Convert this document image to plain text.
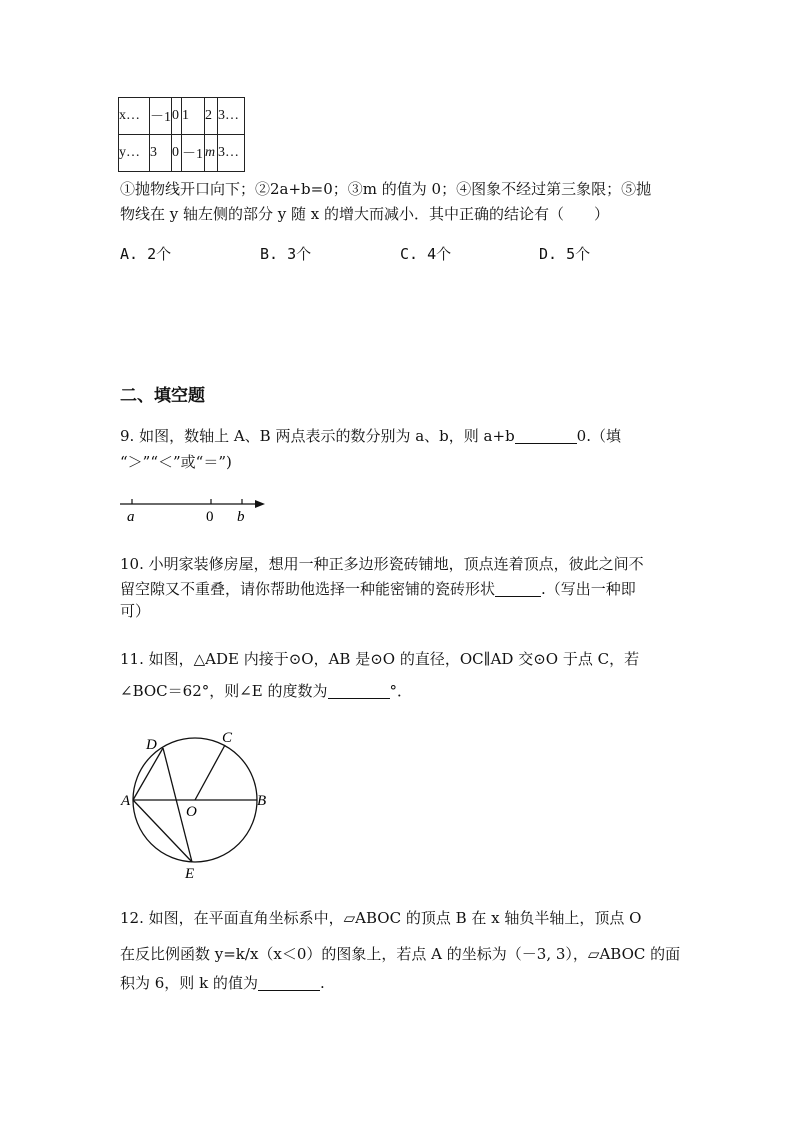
x…	－1	0	1	2	3…
y…	3	0	－1	m	3…
①抛物线开口向下；②2a+b=0；③m 的值为 0；④图象不经过第三象限；⑤抛
物线在 y 轴左侧的部分 y 随 x 的增大而减小．其中正确的结论有（　　）
A. 2个	B. 3个	C. 4个	D. 5个
二、填空题
9. 如图，数轴上 A、B 两点表示的数分别为 a、b，则 a+b	0.（填
“＞”“＜”或“＝”)
a	0 b
10. 小明家装修房屋，想用一种正多边形瓷砖铺地，顶点连着顶点，彼此之间不
留空隙又不重叠，请你帮助他选择一种能密铺的瓷砖形状	.（写出一种即
可）
11. 如图，△ADE 内接于⊙O，AB 是⊙O 的直径，OC∥AD 交⊙O 于点 C，若
∠BOC＝62°，则∠E 的度数为	°．
D	C
A
O
B
E
12. 如图，在平面直角坐标系中，▱ABOC 的顶点 B 在 x 轴负半轴上，顶点 O
在反比例函数 y=k/x（x＜0）的图象上，若点 A 的坐标为（－3, 3），▱ABOC 的面
积为 6，则 k 的值为	.
